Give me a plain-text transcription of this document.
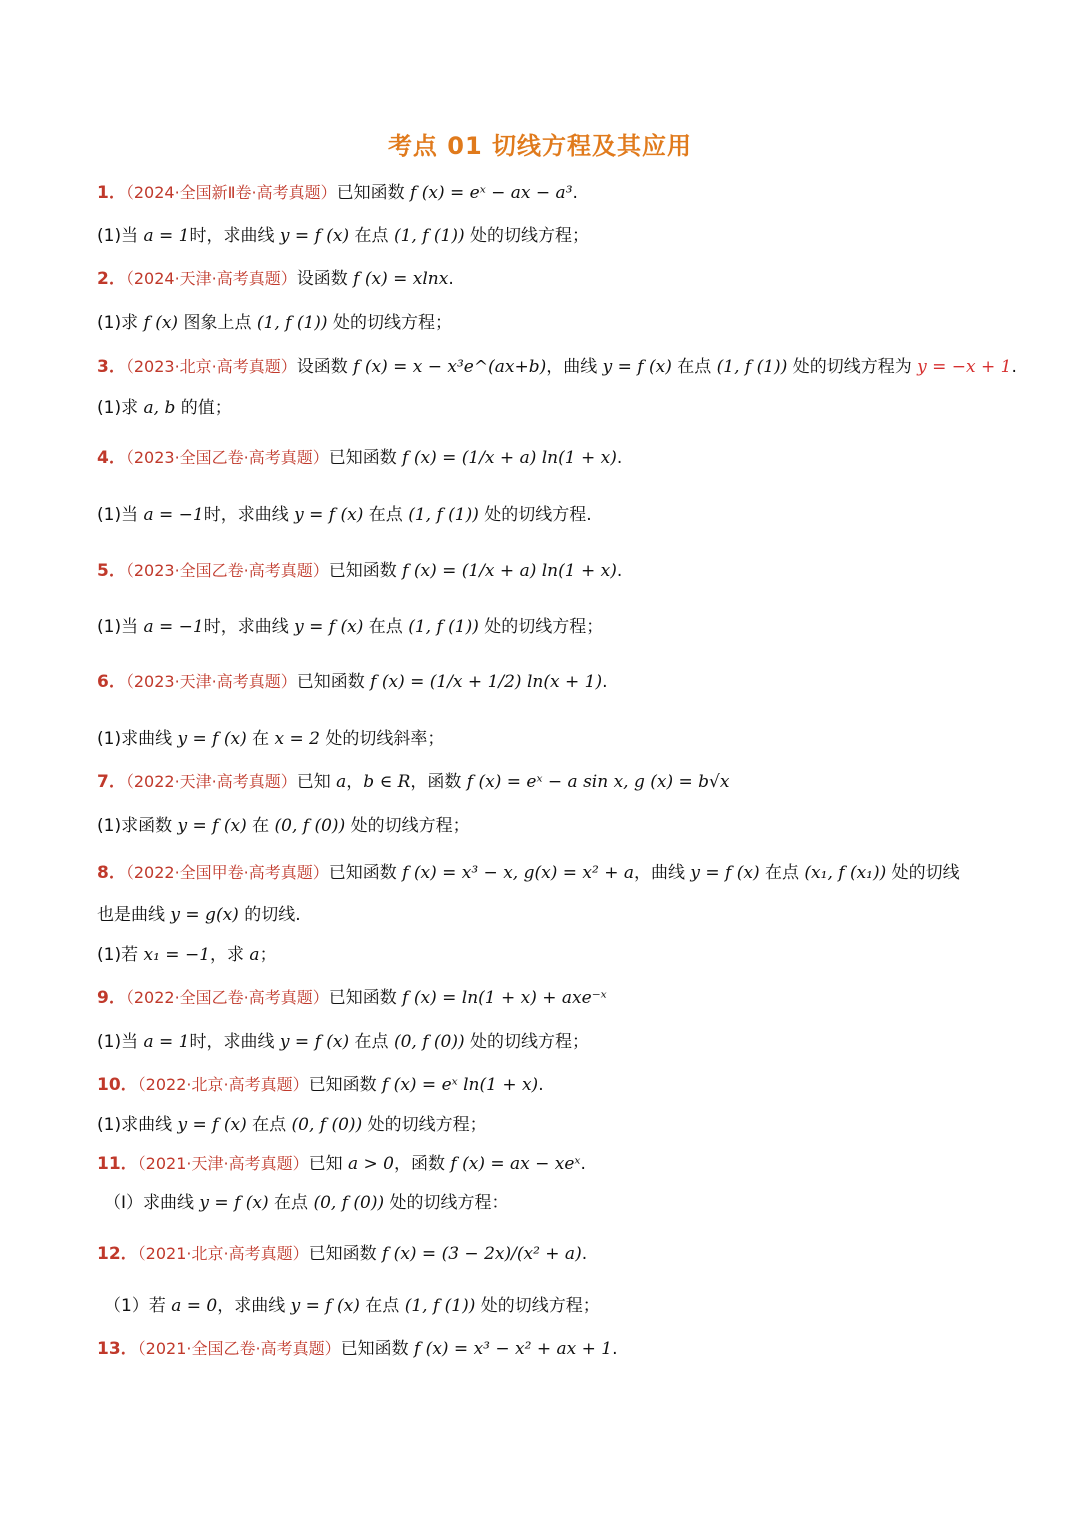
考点 01 切线方程及其应用
1．（2024·全国新Ⅱ卷·高考真题）已知函数 f (x) = eˣ − ax − a³.
(1)当 a = 1时，求曲线 y = f (x) 在点 (1, f (1)) 处的切线方程；
2．（2024·天津·高考真题）设函数 f (x) = xlnx.
(1)求 f (x) 图象上点 (1, f (1)) 处的切线方程；
3．（2023·北京·高考真题）设函数 f (x) = x − x³e^(ax+b)，曲线 y = f (x) 在点 (1, f (1)) 处的切线方程为 y = −x + 1.
(1)求 a, b 的值；
4．（2023·全国乙卷·高考真题）已知函数 f (x) = (1/x + a) ln(1 + x).
(1)当 a = −1时，求曲线 y = f (x) 在点 (1, f (1)) 处的切线方程.
5．（2023·全国乙卷·高考真题）已知函数 f (x) = (1/x + a) ln(1 + x).
(1)当 a = −1时，求曲线 y = f (x) 在点 (1, f (1)) 处的切线方程；
6．（2023·天津·高考真题）已知函数 f (x) = (1/x + 1/2) ln(x + 1).
(1)求曲线 y = f (x) 在 x = 2 处的切线斜率；
7．（2022·天津·高考真题）已知 a，b ∈ R，函数 f (x) = eˣ − a sin x, g (x) = b√x
(1)求函数 y = f (x) 在 (0, f (0)) 处的切线方程；
8．（2022·全国甲卷·高考真题）已知函数 f (x) = x³ − x, g(x) = x² + a，曲线 y = f (x) 在点 (x₁, f (x₁)) 处的切线
也是曲线 y = g(x) 的切线.
(1)若 x₁ = −1，求 a；
9．（2022·全国乙卷·高考真题）已知函数 f (x) = ln(1 + x) + axe⁻ˣ
(1)当 a = 1时，求曲线 y = f (x) 在点 (0, f (0)) 处的切线方程；
10．（2022·北京·高考真题）已知函数 f (x) = eˣ ln(1 + x).
(1)求曲线 y = f (x) 在点 (0, f (0)) 处的切线方程；
11．（2021·天津·高考真题）已知 a > 0，函数 f (x) = ax − xeˣ.
（I）求曲线 y = f (x) 在点 (0, f (0)) 处的切线方程：
12．（2021·北京·高考真题）已知函数 f (x) = (3 − 2x)/(x² + a).
（1）若 a = 0，求曲线 y = f (x) 在点 (1, f (1)) 处的切线方程；
13．（2021·全国乙卷·高考真题）已知函数 f (x) = x³ − x² + ax + 1.
